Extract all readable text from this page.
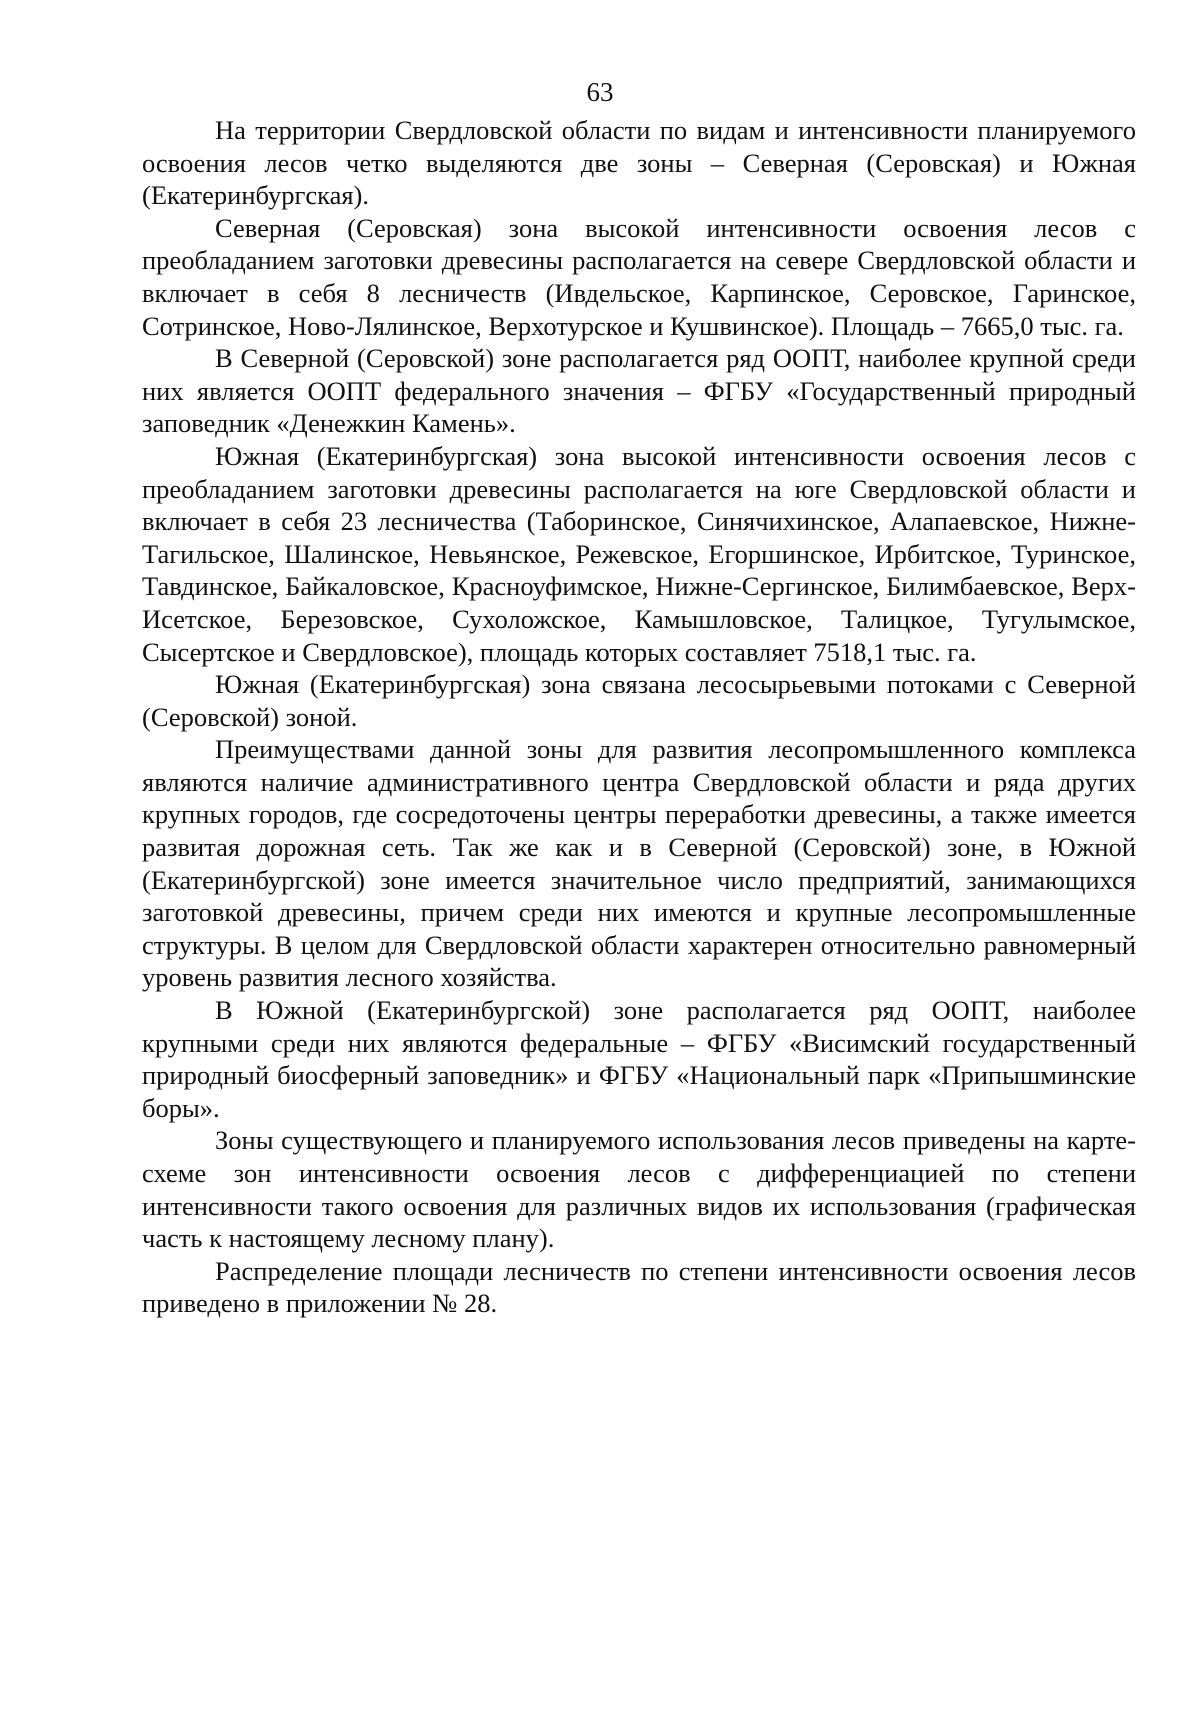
63

На территории Свердловской области по видам и интенсивности планируемого освоения лесов четко выделяются две зоны – Северная (Серовская) и Южная (Екатеринбургская).

Северная (Серовская) зона высокой интенсивности освоения лесов с преобладанием заготовки древесины располагается на севере Свердловской области и включает в себя 8 лесничеств (Ивдельское, Карпинское, Серовское, Гаринское, Сотринское, Ново-Лялинское, Верхотурское и Кушвинское). Площадь – 7665,0 тыс. га.

В Северной (Серовской) зоне располагается ряд ООПТ, наиболее крупной среди них является ООПТ федерального значения – ФГБУ «Государственный природный заповедник «Денежкин Камень».

Южная (Екатеринбургская) зона высокой интенсивности освоения лесов с преобладанием заготовки древесины располагается на юге Свердловской области и включает в себя 23 лесничества (Таборинское, Синячихинское, Алапаевское, Нижне-Тагильское, Шалинское, Невьянское, Режевское, Егоршинское, Ирбитское, Туринское, Тавдинское, Байкаловское, Красноуфимское, Нижне-Сергинское, Билимбаевское, Верх-Исетское, Березовское, Сухоложское, Камышловское, Талицкое, Тугулымское, Сысертское и Свердловское), площадь которых составляет 7518,1 тыс. га.

Южная (Екатеринбургская) зона связана лесосырьевыми потоками с Северной (Серовской) зоной.

Преимуществами данной зоны для развития лесопромышленного комплекса являются наличие административного центра Свердловской области и ряда других крупных городов, где сосредоточены центры переработки древесины, а также имеется развитая дорожная сеть. Так же как и в Северной (Серовской) зоне, в Южной (Екатеринбургской) зоне имеется значительное число предприятий, занимающихся заготовкой древесины, причем среди них имеются и крупные лесопромышленные структуры. В целом для Свердловской области характерен относительно равномерный уровень развития лесного хозяйства.

В Южной (Екатеринбургской) зоне располагается ряд ООПТ, наиболее крупными среди них являются федеральные – ФГБУ «Висимский государственный природный биосферный заповедник» и ФГБУ «Национальный парк «Припышминские боры».

Зоны существующего и планируемого использования лесов приведены на карте-схеме зон интенсивности освоения лесов с дифференциацией по степени интенсивности такого освоения для различных видов их использования (графическая часть к настоящему лесному плану).

Распределение площади лесничеств по степени интенсивности освоения лесов приведено в приложении № 28.
